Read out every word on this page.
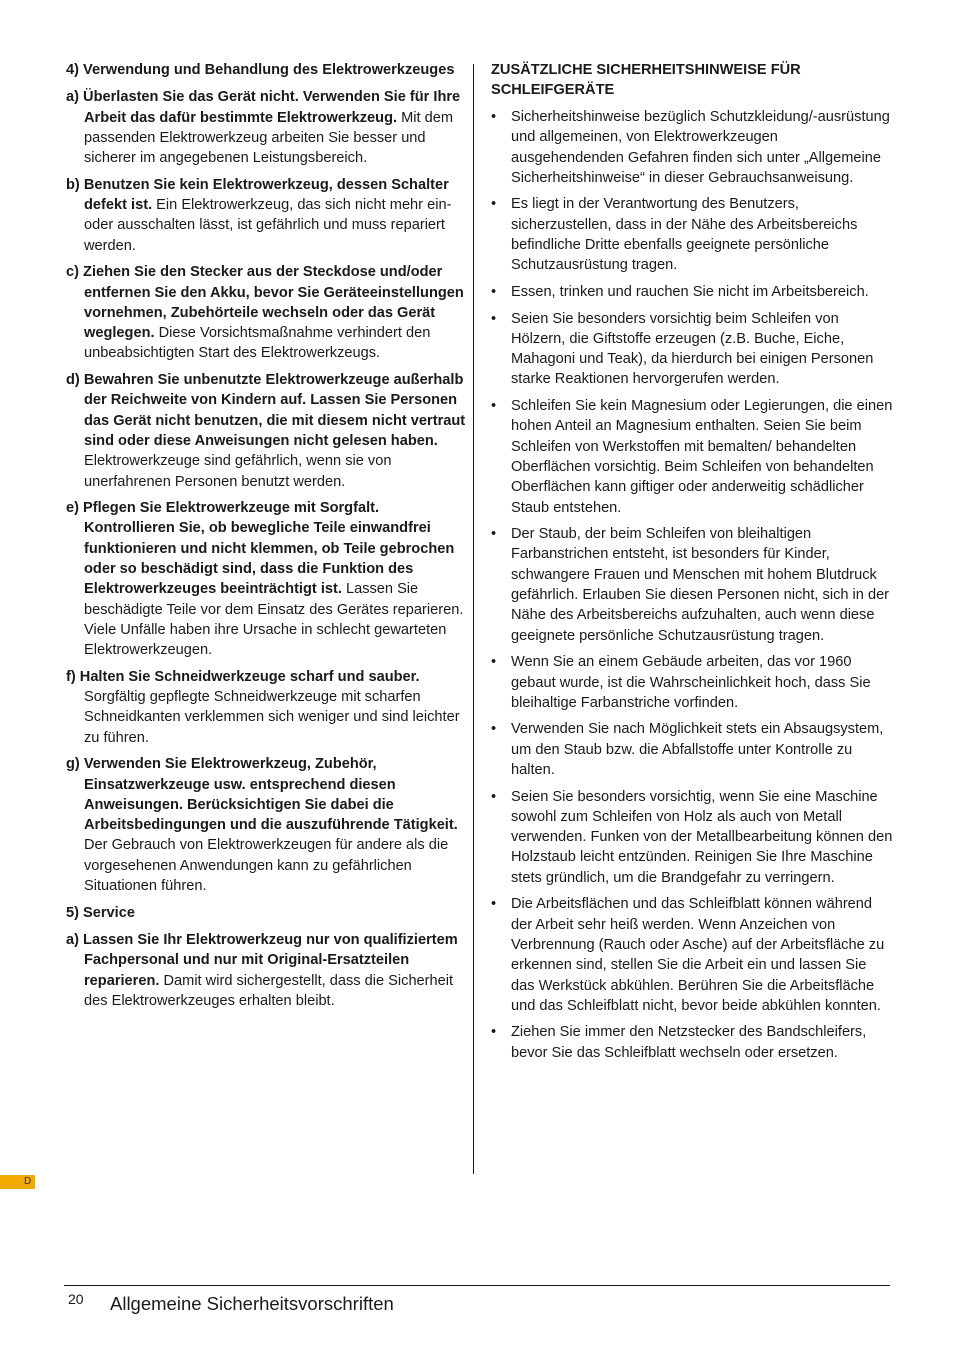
4) Verwendung und Behandlung des Elektrowerkzeuges
a) Überlasten Sie das Gerät nicht. Verwenden Sie für Ihre Arbeit das dafür bestimmte Elektrowerkzeug. Mit dem passenden Elektrowerkzeug arbeiten Sie besser und sicherer im angegebenen Leistungsbereich.
b) Benutzen Sie kein Elektrowerkzeug, dessen Schalter defekt ist. Ein Elektrowerkzeug, das sich nicht mehr ein- oder ausschalten lässt, ist gefährlich und muss repariert werden.
c) Ziehen Sie den Stecker aus der Steckdose und/oder entfernen Sie den Akku, bevor Sie Geräteeinstellungen vornehmen, Zubehörteile wechseln oder das Gerät weglegen. Diese Vorsichtsmaßnahme verhindert den unbeabsichtigten Start des Elektrowerkzeugs.
d) Bewahren Sie unbenutzte Elektrowerkzeuge außerhalb der Reichweite von Kindern auf. Lassen Sie Personen das Gerät nicht benutzen, die mit diesem nicht vertraut sind oder diese Anweisungen nicht gelesen haben. Elektrowerkzeuge sind gefährlich, wenn sie von unerfahrenen Personen benutzt werden.
e) Pflegen Sie Elektrowerkzeuge mit Sorgfalt. Kontrollieren Sie, ob bewegliche Teile einwandfrei funktionieren und nicht klemmen, ob Teile gebrochen oder so beschädigt sind, dass die Funktion des Elektrowerkzeuges beeinträchtigt ist. Lassen Sie beschädigte Teile vor dem Einsatz des Gerätes reparieren. Viele Unfälle haben ihre Ursache in schlecht gewarteten Elektrowerkzeugen.
f) Halten Sie Schneidwerkzeuge scharf und sauber. Sorgfältig gepflegte Schneidwerkzeuge mit scharfen Schneidkanten verklemmen sich weniger und sind leichter zu führen.
g) Verwenden Sie Elektrowerkzeug, Zubehör, Einsatzwerkzeuge usw. entsprechend diesen Anweisungen. Berücksichtigen Sie dabei die Arbeitsbedingungen und die auszuführende Tätigkeit. Der Gebrauch von Elektrowerkzeugen für andere als die vorgesehenen Anwendungen kann zu gefährlichen Situationen führen.
5) Service
a) Lassen Sie Ihr Elektrowerkzeug nur von qualifiziertem Fachpersonal und nur mit Original-Ersatzteilen reparieren. Damit wird sichergestellt, dass die Sicherheit des Elektrowerkzeuges erhalten bleibt.
ZUSÄTZLICHE SICHERHEITSHINWEISE FÜR SCHLEIFGERÄTE
• Sicherheitshinweise bezüglich Schutzkleidung/-ausrüstung und allgemeinen, von Elektrowerkzeugen ausgehendenden Gefahren finden sich unter „Allgemeine Sicherheitshinweise“ in dieser Gebrauchsanweisung.
• Es liegt in der Verantwortung des Benutzers, sicherzustellen, dass in der Nähe des Arbeitsbereichs befindliche Dritte ebenfalls geeignete persönliche Schutzausrüstung tragen.
• Essen, trinken und rauchen Sie nicht im Arbeitsbereich.
• Seien Sie besonders vorsichtig beim Schleifen von Hölzern, die Giftstoffe erzeugen (z.B. Buche, Eiche, Mahagoni und Teak), da hierdurch bei einigen Personen starke Reaktionen hervorgerufen werden.
• Schleifen Sie kein Magnesium oder Legierungen, die einen hohen Anteil an Magnesium enthalten. Seien Sie beim Schleifen von Werkstoffen mit bemalten/ behandelten Oberflächen vorsichtig. Beim Schleifen von behandelten Oberflächen kann giftiger oder anderweitig schädlicher Staub entstehen.
• Der Staub, der beim Schleifen von bleihaltigen Farbanstrichen entsteht, ist besonders für Kinder, schwangere Frauen und Menschen mit hohem Blutdruck gefährlich. Erlauben Sie diesen Personen nicht, sich in der Nähe des Arbeitsbereichs aufzuhalten, auch wenn diese geeignete persönliche Schutzausrüstung tragen.
• Wenn Sie an einem Gebäude arbeiten, das vor 1960 gebaut wurde, ist die Wahrscheinlichkeit hoch, dass Sie bleihaltige Farbanstriche vorfinden.
• Verwenden Sie nach Möglichkeit stets ein Absaugsystem, um den Staub bzw. die Abfallstoffe unter Kontrolle zu halten.
• Seien Sie besonders vorsichtig, wenn Sie eine Maschine sowohl zum Schleifen von Holz als auch von Metall verwenden. Funken von der Metallbearbeitung können den Holzstaub leicht entzünden. Reinigen Sie Ihre Maschine stets gründlich, um die Brandgefahr zu verringern.
• Die Arbeitsflächen und das Schleifblatt können während der Arbeit sehr heiß werden. Wenn Anzeichen von Verbrennung (Rauch oder Asche) auf der Arbeitsfläche zu erkennen sind, stellen Sie die Arbeit ein und lassen Sie das Werkstück abkühlen. Berühren Sie die Arbeitsfläche und das Schleifblatt nicht, bevor beide abkühlen konnten.
• Ziehen Sie immer den Netzstecker des Bandschleifers, bevor Sie das Schleifblatt wechseln oder ersetzen.
D
20 Allgemeine Sicherheitsvorschriften
